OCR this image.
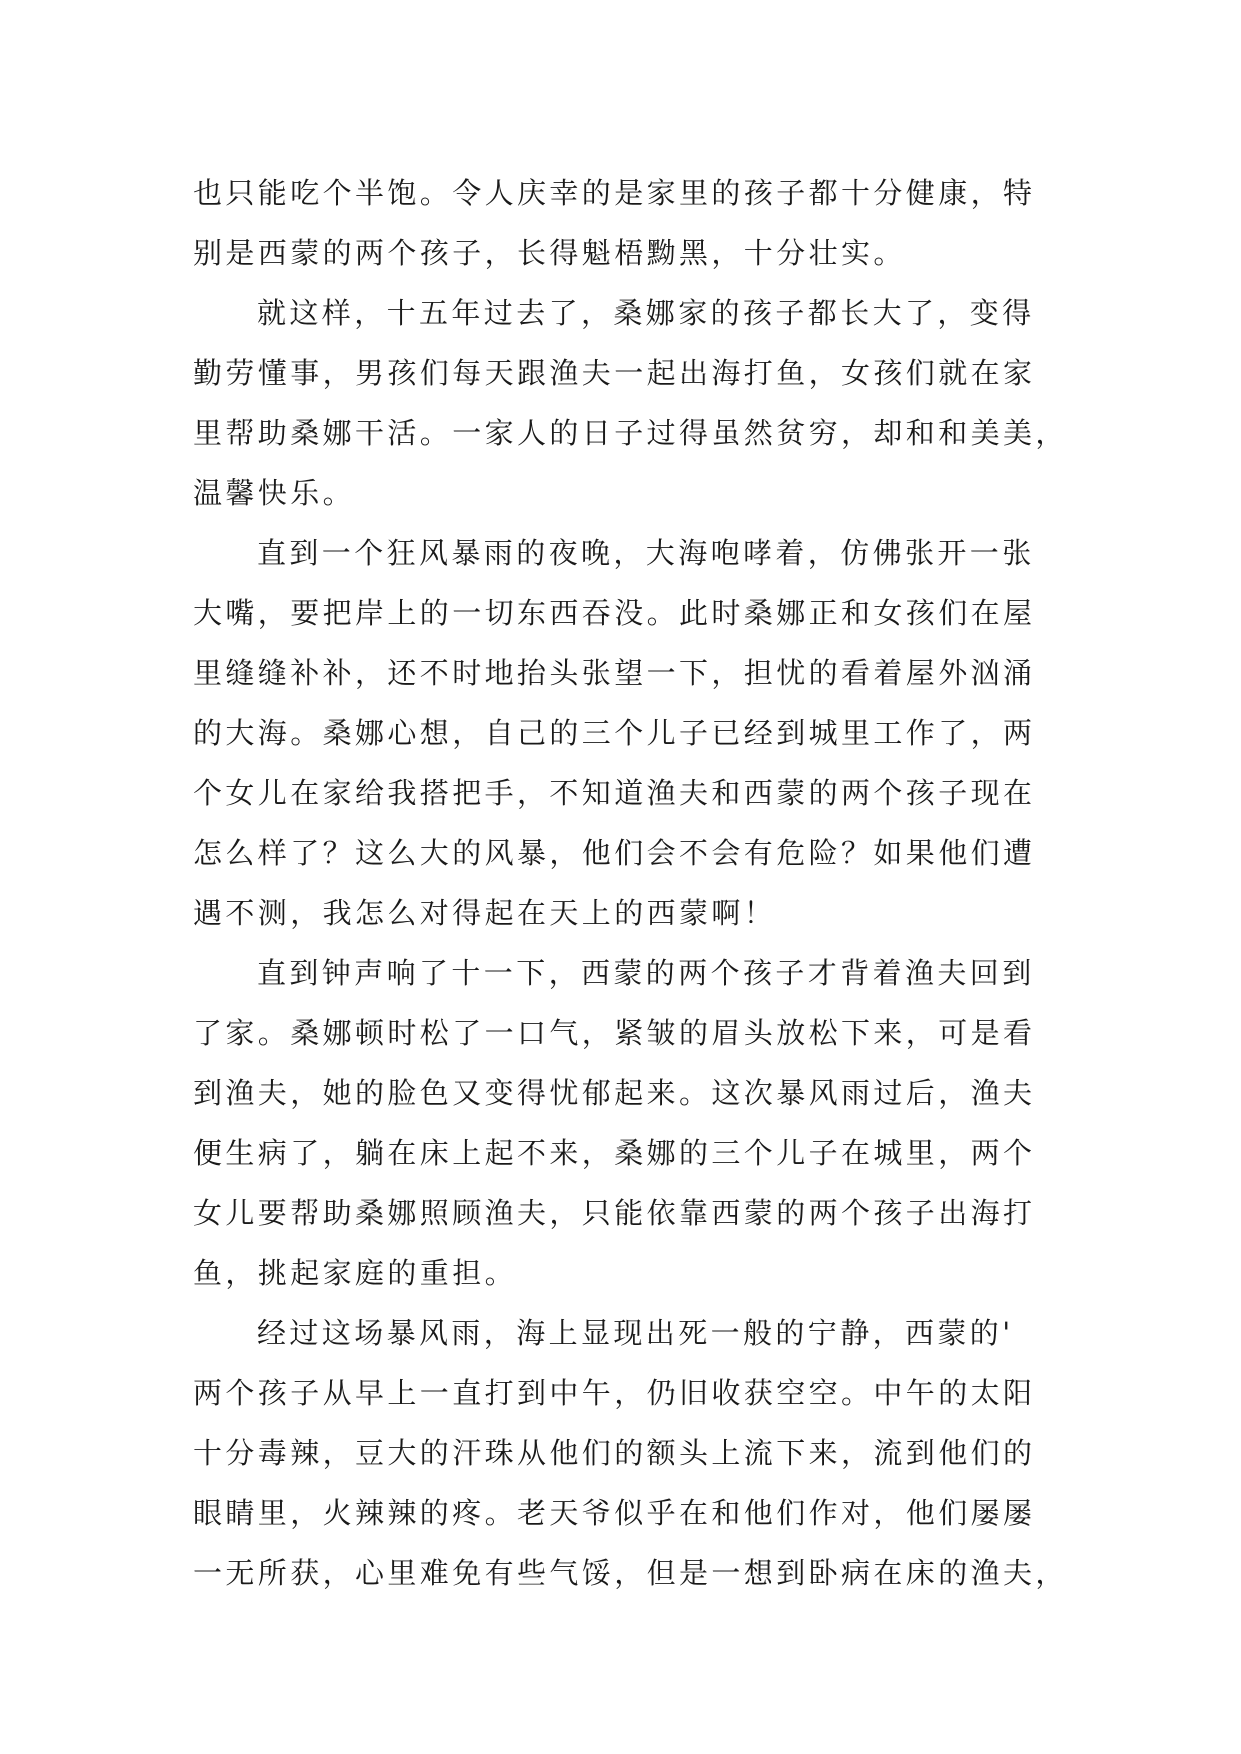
也只能吃个半饱。令人庆幸的是家里的孩子都十分健康，特
别是西蒙的两个孩子，长得魁梧黝黑，十分壮实。
就这样，十五年过去了，桑娜家的孩子都长大了，变得
勤劳懂事，男孩们每天跟渔夫一起出海打鱼，女孩们就在家
里帮助桑娜干活。一家人的日子过得虽然贫穷，却和和美美，
温馨快乐。
直到一个狂风暴雨的夜晚，大海咆哮着，仿佛张开一张
大嘴，要把岸上的一切东西吞没。此时桑娜正和女孩们在屋
里缝缝补补，还不时地抬头张望一下，担忧的看着屋外汹涌
的大海。桑娜心想，自己的三个儿子已经到城里工作了，两
个女儿在家给我搭把手，不知道渔夫和西蒙的两个孩子现在
怎么样了？这么大的风暴，他们会不会有危险？如果他们遭
遇不测，我怎么对得起在天上的西蒙啊！
直到钟声响了十一下，西蒙的两个孩子才背着渔夫回到
了家。桑娜顿时松了一口气，紧皱的眉头放松下来，可是看
到渔夫，她的脸色又变得忧郁起来。这次暴风雨过后，渔夫
便生病了，躺在床上起不来，桑娜的三个儿子在城里，两个
女儿要帮助桑娜照顾渔夫，只能依靠西蒙的两个孩子出海打
鱼，挑起家庭的重担。
经过这场暴风雨，海上显现出死一般的宁静，西蒙的'
两个孩子从早上一直打到中午，仍旧收获空空。中午的太阳
十分毒辣，豆大的汗珠从他们的额头上流下来，流到他们的
眼睛里，火辣辣的疼。老天爷似乎在和他们作对，他们屡屡
一无所获，心里难免有些气馁，但是一想到卧病在床的渔夫，
